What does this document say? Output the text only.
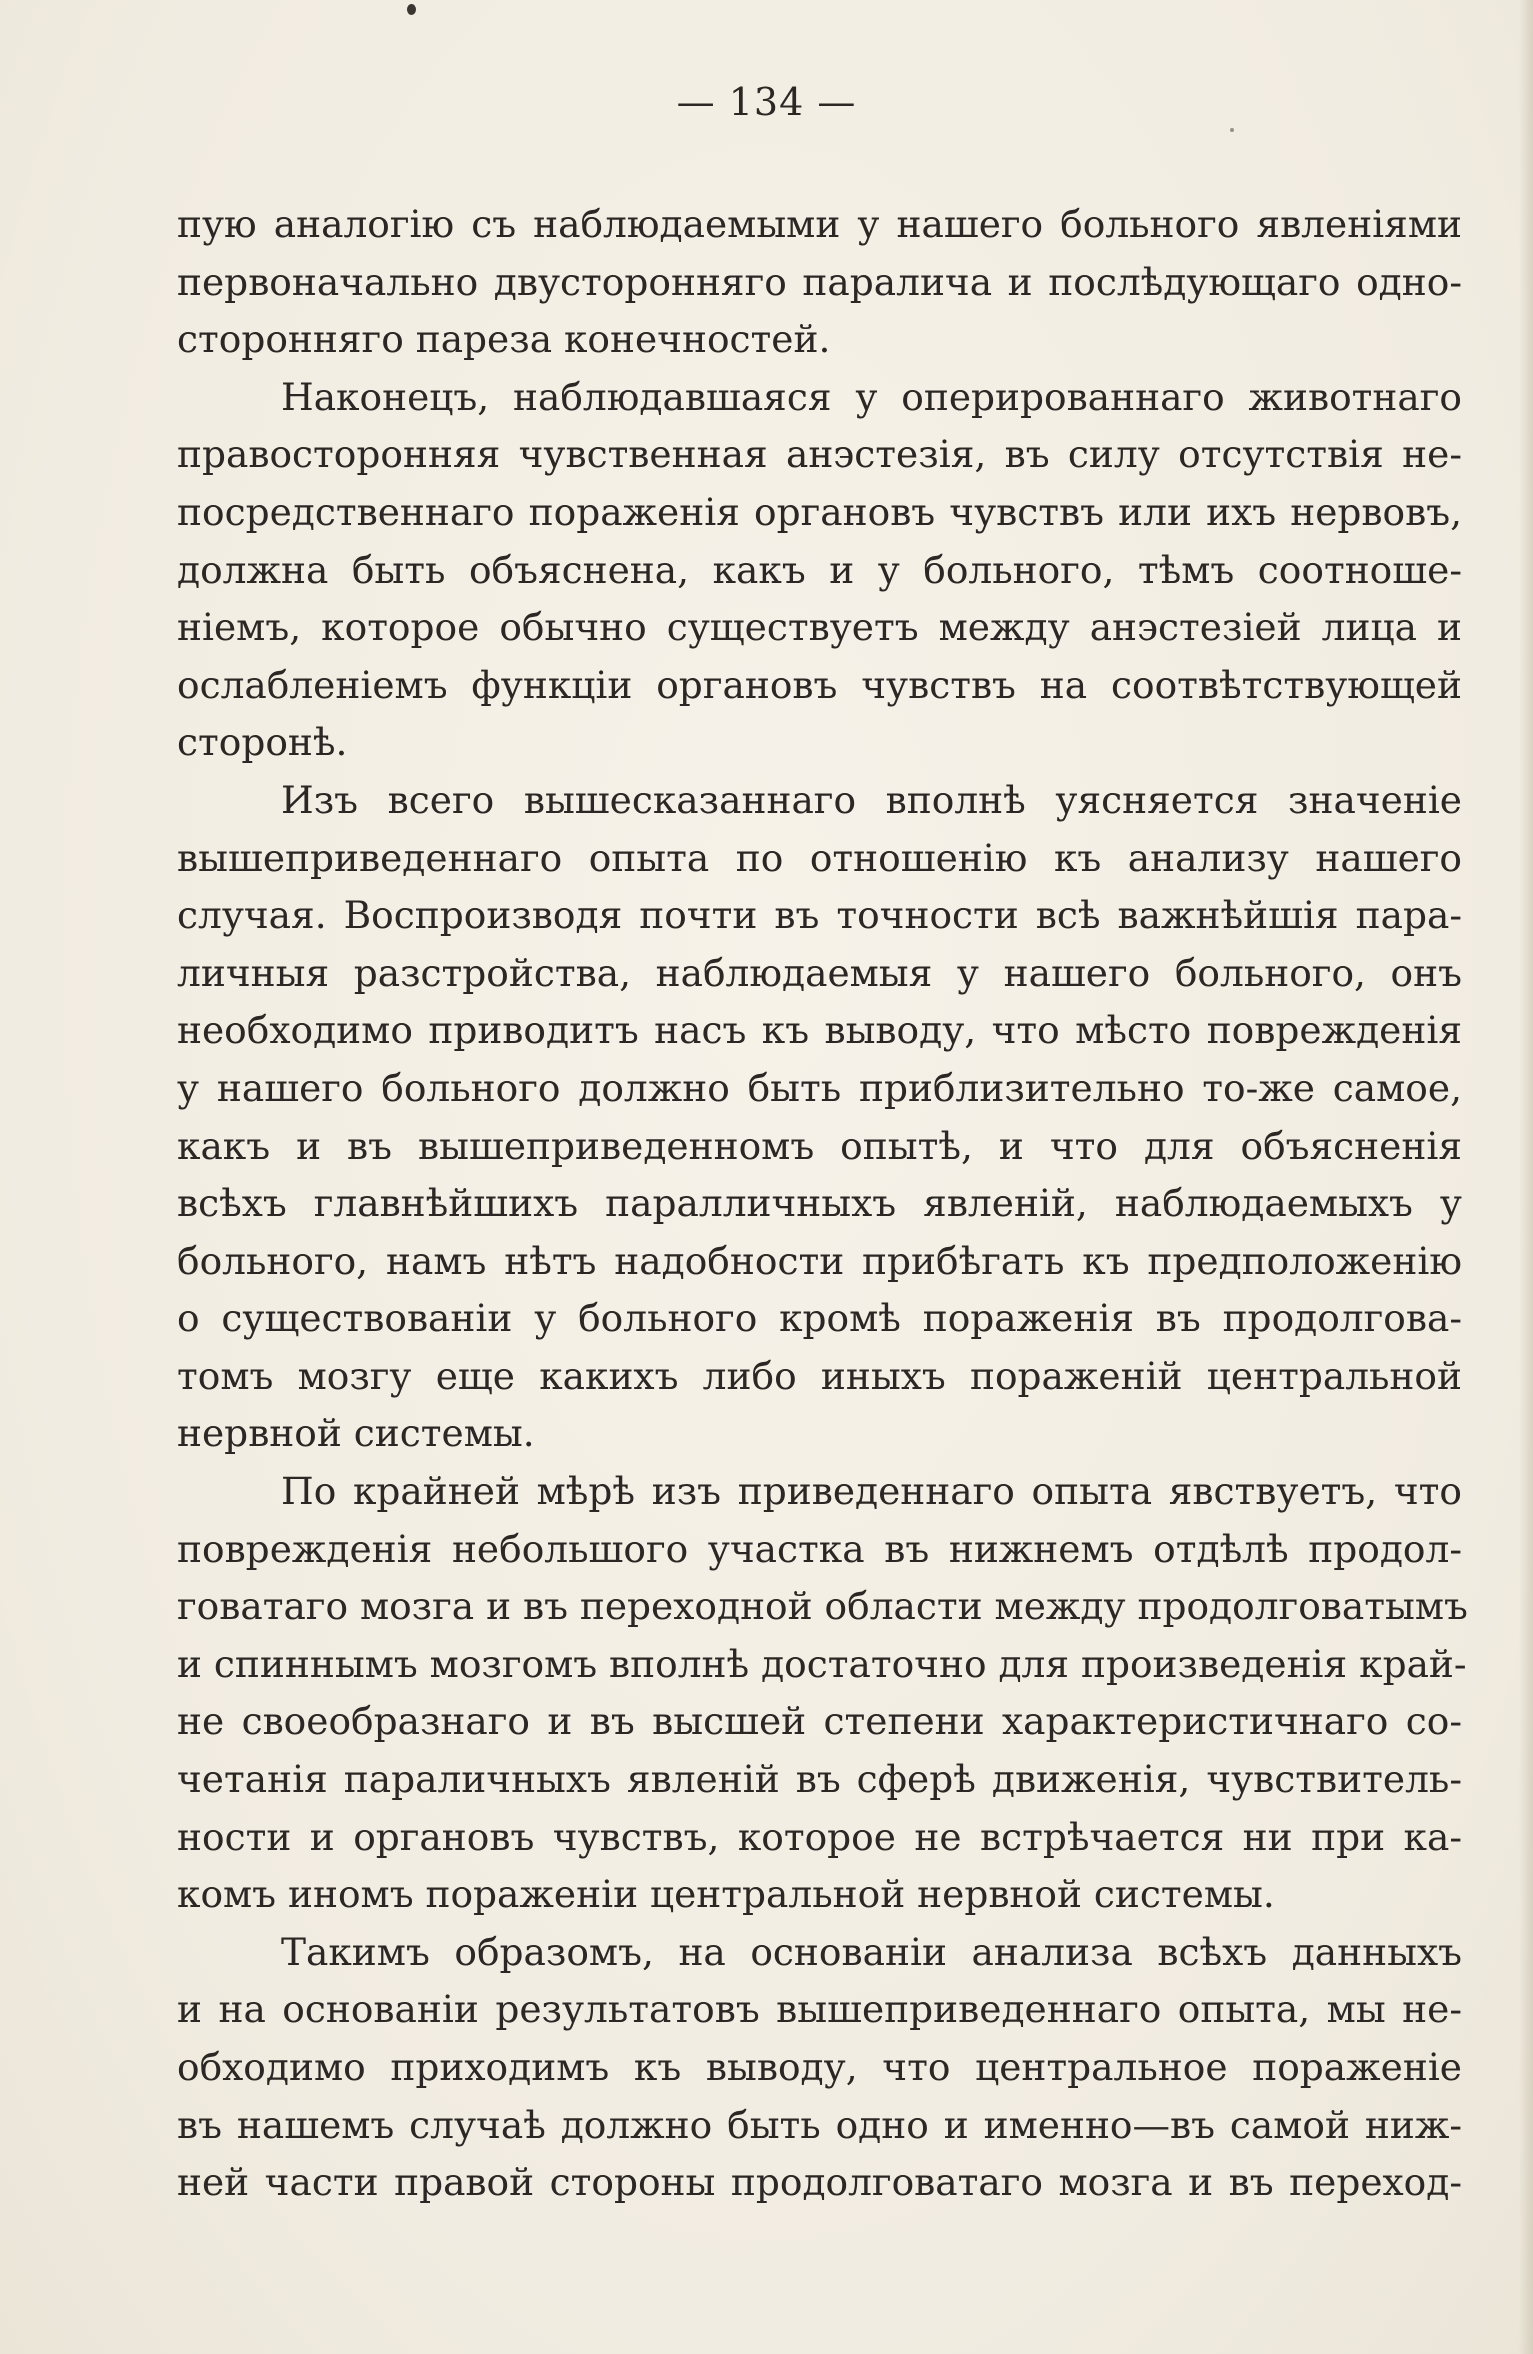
— 134 —
пую аналогію съ наблюдаемыми у нашего больного явленіями
первоначально двусторонняго паралича и послѣдующаго одно-
сторонняго пареза конечностей.
Наконецъ, наблюдавшаяся у оперированнаго животнаго
правосторонняя чувственная анэстезія, въ силу отсутствія не-
посредственнаго пораженія органовъ чувствъ или ихъ нервовъ,
должна быть объяснена, какъ и у больного, тѣмъ соотноше-
ніемъ, которое обычно существуетъ между анэстезіей лица и
ослабленіемъ функціи органовъ чувствъ на соотвѣтствующей
сторонѣ.
Изъ всего вышесказаннаго вполнѣ уясняется значеніе
вышеприведеннаго опыта по отношенію къ анализу нашего
случая. Воспроизводя почти въ точности всѣ важнѣйшія пара-
личныя разстройства, наблюдаемыя у нашего больного, онъ
необходимо приводитъ насъ къ выводу, что мѣсто поврежденія
у нашего больного должно быть приблизительно то-же самое,
какъ и въ вышеприведенномъ опытѣ, и что для объясненія
всѣхъ главнѣйшихъ паралличныхъ явленій, наблюдаемыхъ у
больного, намъ нѣтъ надобности прибѣгать къ предположенію
о существованіи у больного кромѣ пораженія въ продолговa-
томъ мозгу еще какихъ либо иныхъ пораженій центральной
нервной системы.
По крайней мѣрѣ изъ приведеннаго опыта явствуетъ, что
поврежденія небольшого участка въ нижнемъ отдѣлѣ продол-
говатаго мозга и въ переходной области между продолговатымъ
и спиннымъ мозгомъ вполнѣ достаточно для произведенія край-
не своеобразнаго и въ высшей степени характеристичнаго со-
четанія параличныхъ явленій въ сферѣ движенія, чувствитель-
ности и органовъ чувствъ, которое не встрѣчается ни при ка-
комъ иномъ пораженіи центральной нервной системы.
Такимъ образомъ, на основаніи анализа всѣхъ данныхъ
и на основаніи результатовъ вышеприведеннаго опыта, мы не-
обходимо приходимъ къ выводу, что центральное пораженіе
въ нашемъ случаѣ должно быть одно и именно—въ самой ниж-
ней части правой стороны продолговатаго мозга и въ переход-
